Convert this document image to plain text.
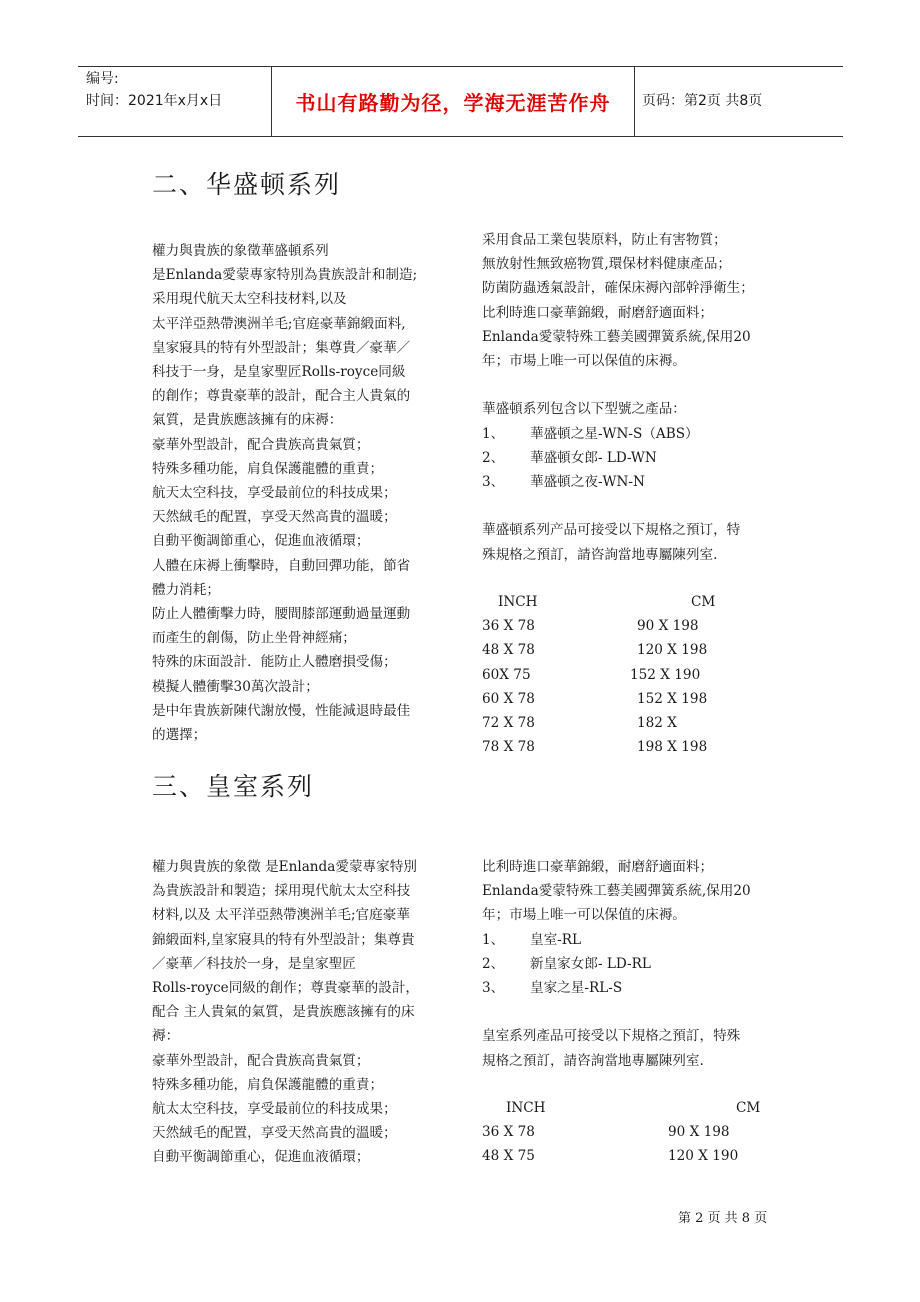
编号:
时间：2021年x月x日	书山有路勤为径，学海无涯苦作舟 页码：第2页 共8页
二、华盛顿系列

權力與貴族的象徵華盛頓系列

是Enlanda愛蒙專家特別為貴族設計和制造;

采用現代航天太空科技材料,以及

太平洋亞熱帶澳洲羊毛;官庭豪華錦緞面料,

皇家寢具的特有外型設計；集尊貴／豪華／

科技于一身，是皇家聖匠Rolls-royce同級

的創作；尊貴豪華的設計，配合主人貴氣的

氣質，是貴族應該擁有的床褥：

豪華外型設計，配合貴族高貴氣質；

特殊多種功能，肩負保護龍體的重責；

航天太空科技，享受最前位的科技成果；

天然絨毛的配置，享受天然高貴的溫暖；

自動平衡調節重心，促進血液循環；

人體在床褥上衝擊時，自動回彈功能，節省

體力消耗；

防止人體衝擊力時，腰間膝部運動過量運動

而產生的創傷，防止坐骨神經痛；

特殊的床面設計．能防止人體磨損受傷；

模擬人體衝擊30萬次設計；

是中年貴族新陳代謝放慢，性能減退時最佳

的選擇；

采用食品工業包裝原料，防止有害物質；

無放射性無致癌物質,環保材料健康產品；

防菌防蟲透氣設計，確保床褥內部幹淨衛生；

比利時進口豪華錦緞，耐磨舒適面料；

Enlanda愛蒙特殊工藝美國彈簧系統,保用20

年；市場上唯一可以保值的床褥。

華盛頓系列包含以下型號之產品：

1、 華盛頓之星-WN-S（ABS）

2、 華盛頓女郎- LD-WN

3、 華盛頓之夜-WN-N

華盛頓系列产品可接受以下規格之預订，特

殊規格之預訂，請咨詢當地專屬陳列室.

INCH	CM
36 X 78	90 X 198
48 X 78	120 X 198
60X 75	152 X 190
60 X 78	152 X 198
72 X 78	182 X
78 X 78	198 X 198
三、皇室系列

權力與貴族的象徵 是Enlanda愛蒙專家特別

為貴族設計和製造；採用現代航太太空科技

材料,以及 太平洋亞熱帶澳洲羊毛;官庭豪華

錦緞面料,皇家寢具的特有外型設計；集尊貴

／豪華／科技於一身，是皇家聖匠

Rolls-royce同級的創作；尊貴豪華的設計，

配合 主人貴氣的氣質，是貴族應該擁有的床

褥：

豪華外型設計，配合貴族高貴氣質；

特殊多種功能，肩負保護龍體的重責；

航太太空科技，享受最前位的科技成果；

天然絨毛的配置，享受天然高貴的溫暖；

自動平衡調節重心，促進血液循環；

比利時進口豪華錦緞，耐磨舒適面料；

Enlanda愛蒙特殊工藝美國彈簧系統,保用20

年；市場上唯一可以保值的床褥。

1、 皇室-RL

2、 新皇家女郎- LD-RL

3、 皇家之星-RL-S

皇室系列產品可接受以下規格之預訂，特殊

規格之預訂，請咨詢當地專屬陳列室.

INCH	CM
36 X 78	90 X 198
48 X 75	120 X 190
第 2 页 共 8 页
